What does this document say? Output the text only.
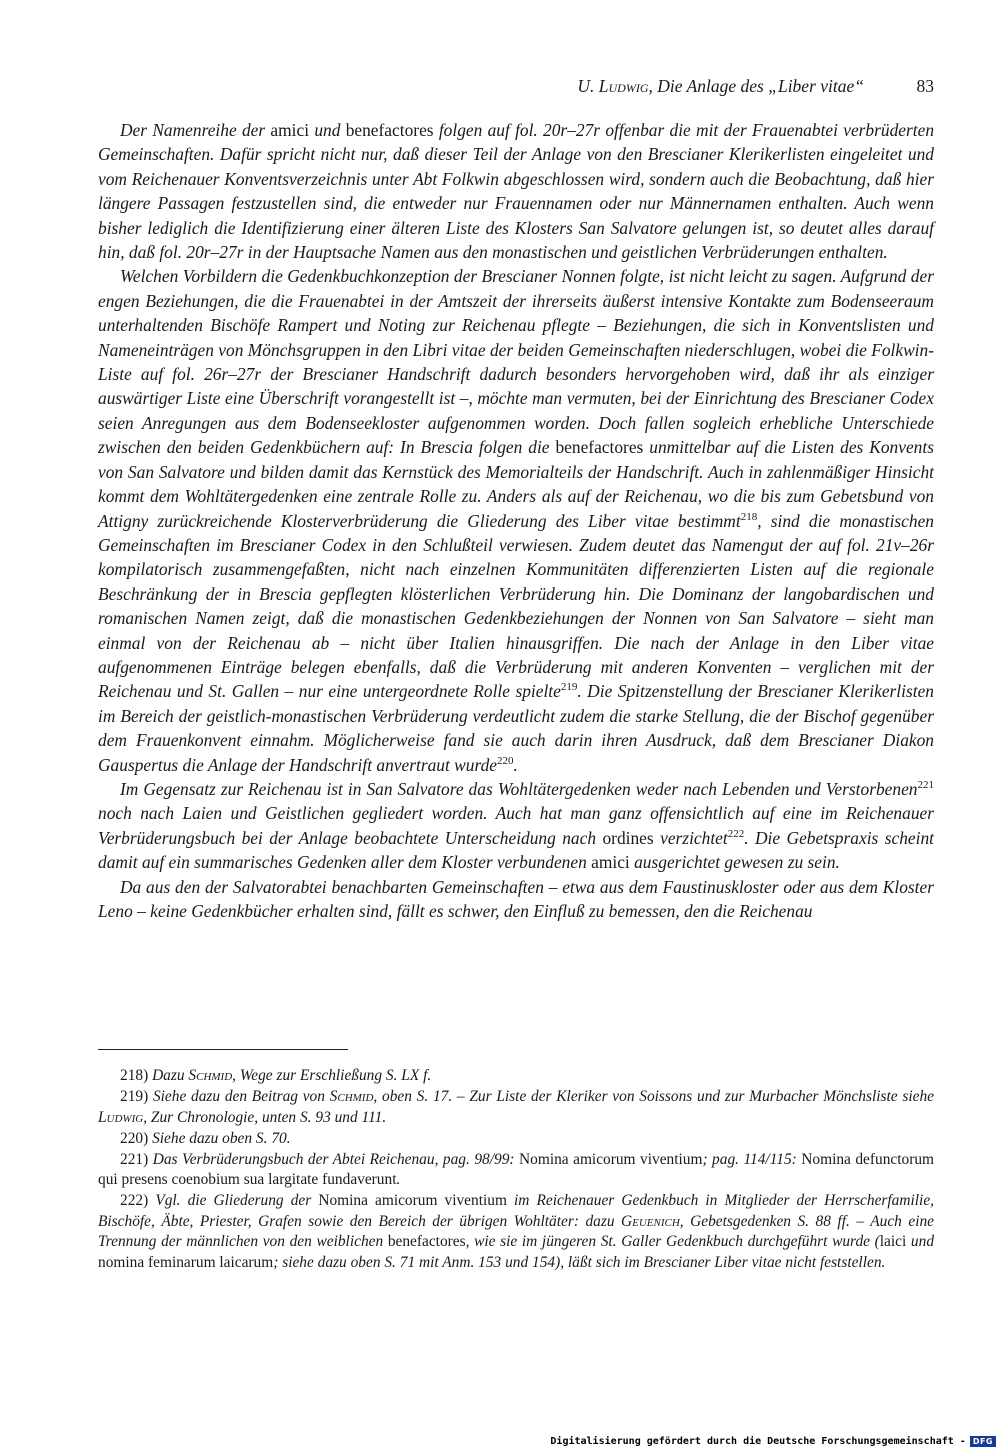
U. Ludwig, Die Anlage des „Liber vitae“	83

Der Namenreihe der amici und benefactores folgen auf fol. 20r–27r offenbar die mit der Frauenabtei verbrüderten Gemeinschaften. Dafür spricht nicht nur, daß dieser Teil der Anlage von den Brescianer Klerikerlisten eingeleitet und vom Reichenauer Konventsverzeichnis unter Abt Folkwin abgeschlossen wird, sondern auch die Beobachtung, daß hier längere Passagen festzustellen sind, die entweder nur Frauennamen oder nur Männernamen enthalten. Auch wenn bisher lediglich die Identifizierung einer älteren Liste des Klosters San Salvatore gelungen ist, so deutet alles darauf hin, daß fol. 20r–27r in der Hauptsache Namen aus den monastischen und geistlichen Verbrüderungen enthalten.

Welchen Vorbildern die Gedenkbuchkonzeption der Brescianer Nonnen folgte, ist nicht leicht zu sagen. Aufgrund der engen Beziehungen, die die Frauenabtei in der Amtszeit der ihrerseits äußerst intensive Kontakte zum Bodenseeraum unterhaltenden Bischöfe Rampert und Noting zur Reichenau pflegte – Beziehungen, die sich in Konventslisten und Nameneinträgen von Mönchsgruppen in den Libri vitae der beiden Gemeinschaften niederschlugen, wobei die Folkwin-Liste auf fol. 26r–27r der Brescianer Handschrift dadurch besonders hervorgehoben wird, daß ihr als einziger auswärtiger Liste eine Überschrift vorangestellt ist –, möchte man vermuten, bei der Einrichtung des Brescianer Codex seien Anregungen aus dem Bodenseekloster aufgenommen worden. Doch fallen sogleich erhebliche Unterschiede zwischen den beiden Gedenkbüchern auf: In Brescia folgen die benefactores unmittelbar auf die Listen des Konvents von San Salvatore und bilden damit das Kernstück des Memorialteils der Handschrift. Auch in zahlenmäßiger Hinsicht kommt dem Wohltätergedenken eine zentrale Rolle zu. Anders als auf der Reichenau, wo die bis zum Gebetsbund von Attigny zurückreichende Klosterverbrüderung die Gliederung des Liber vitae bestimmt$^{218}$, sind die monastischen Gemeinschaften im Brescianer Codex in den Schlußteil verwiesen. Zudem deutet das Namengut der auf fol. 21v–26r kompilatorisch zusammengefaßten, nicht nach einzelnen Kommunitäten differenzierten Listen auf die regionale Beschränkung der in Brescia gepflegten klösterlichen Verbrüderung hin. Die Dominanz der langobardischen und romanischen Namen zeigt, daß die monastischen Gedenkbeziehungen der Nonnen von San Salvatore – sieht man einmal von der Reichenau ab – nicht über Italien hinausgriffen. Die nach der Anlage in den Liber vitae aufgenommenen Einträge belegen ebenfalls, daß die Verbrüderung mit anderen Konventen – verglichen mit der Reichenau und St. Gallen – nur eine untergeordnete Rolle spielte$^{219}$. Die Spitzenstellung der Brescianer Klerikerlisten im Bereich der geistlich-monastischen Verbrüderung verdeutlicht zudem die starke Stellung, die der Bischof gegenüber dem Frauenkonvent einnahm. Möglicherweise fand sie auch darin ihren Ausdruck, daß dem Brescianer Diakon Gauspertus die Anlage der Handschrift anvertraut wurde$^{220}$.

Im Gegensatz zur Reichenau ist in San Salvatore das Wohltätergedenken weder nach Lebenden und Verstorbenen$^{221}$ noch nach Laien und Geistlichen gegliedert worden. Auch hat man ganz offensichtlich auf eine im Reichenauer Verbrüderungsbuch bei der Anlage beobachtete Unterscheidung nach ordines verzichtet$^{222}$. Die Gebetspraxis scheint damit auf ein summarisches Gedenken aller dem Kloster verbundenen amici ausgerichtet gewesen zu sein.

Da aus den der Salvatorabtei benachbarten Gemeinschaften – etwa aus dem Faustinuskloster oder aus dem Kloster Leno – keine Gedenkbücher erhalten sind, fällt es schwer, den Einfluß zu bemessen, den die Reichenau

218) Dazu Schmid, Wege zur Erschließung S. LX f.

219) Siehe dazu den Beitrag von Schmid, oben S. 17. – Zur Liste der Kleriker von Soissons und zur Murbacher Mönchsliste siehe Ludwig, Zur Chronologie, unten S. 93 und 111.

220) Siehe dazu oben S. 70.

221) Das Verbrüderungsbuch der Abtei Reichenau, pag. 98/99: Nomina amicorum viventium; pag. 114/115: Nomina defunctorum qui presens coenobium sua largitate fundaverunt.

222) Vgl. die Gliederung der Nomina amicorum viventium im Reichenauer Gedenkbuch in Mitglieder der Herrscherfamilie, Bischöfe, Äbte, Priester, Grafen sowie den Bereich der übrigen Wohltäter: dazu Geuenich, Gebetsgedenken S. 88 ff. – Auch eine Trennung der männlichen von den weiblichen benefactores, wie sie im jüngeren St. Galler Gedenkbuch durchgeführt wurde (laici und nomina feminarum laicarum; siehe dazu oben S. 71 mit Anm. 153 und 154), läßt sich im Brescianer Liber vitae nicht feststellen.

Digitalisierung gefördert durch die Deutsche Forschungsgemeinschaft - DFG
